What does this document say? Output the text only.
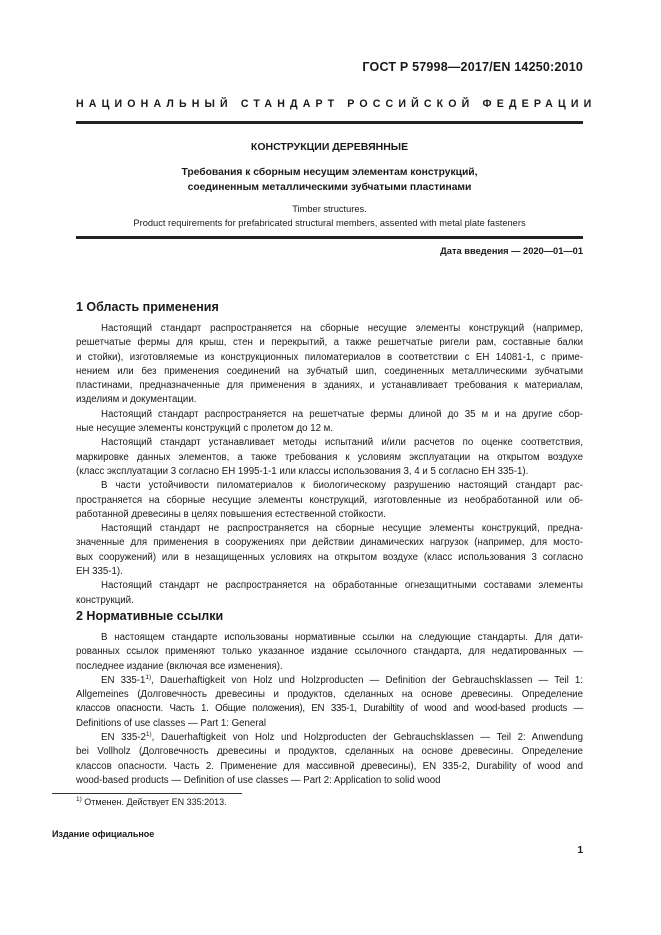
ГОСТ Р 57998—2017/EN 14250:2010
НАЦИОНАЛЬНЫЙ СТАНДАРТ РОССИЙСКОЙ ФЕДЕРАЦИИ
КОНСТРУКЦИИ ДЕРЕВЯННЫЕ
Требования к сборным несущим элементам конструкций,
соединенным металлическими зубчатыми пластинами
Timber structures.
Product requirements for prefabricated structural members, assented with metal plate fasteners
Дата введения — 2020—01—01
1 Область применения
Настоящий стандарт распространяется на сборные несущие элементы конструкций (например,
решетчатые фермы для крыш, стен и перекрытий, а также решетчатые ригели рам, составные балки
и стойки), изготовляемые из конструкционных пиломатериалов в соответствии с ЕН 14081-1, с приме-
нением или без применения соединений на зубчатый шип, соединенных металлическими зубчатыми
пластинами, предназначенные для применения в зданиях, и устанавливает требования к материалам,
изделиям и документации.
Настоящий стандарт распространяется на решетчатые фермы длиной до 35 м и на другие сбор-
ные несущие элементы конструкций с пролетом до 12 м.
Настоящий стандарт устанавливает методы испытаний и/или расчетов по оценке соответствия,
маркировке данных элементов, а также требования к условиям эксплуатации на открытом воздухе
(класс эксплуатации 3 согласно ЕН 1995-1-1 или классы использования 3, 4 и 5 согласно ЕН 335-1).
В части устойчивости пиломатериалов к биологическому разрушению настоящий стандарт рас-
пространяется на сборные несущие элементы конструкций, изготовленные из необработанной или об-
работанной древесины в целях повышения естественной стойкости.
Настоящий стандарт не распространяется на сборные несущие элементы конструкций, предна-
значенные для применения в сооружениях при действии динамических нагрузок (например, для мосто-
вых сооружений) или в незащищенных условиях на открытом воздухе (класс использования 3 согласно
ЕН 335-1).
Настоящий стандарт не распространяется на обработанные огнезащитными составами элементы
конструкций.
2 Нормативные ссылки
В настоящем стандарте использованы нормативные ссылки на следующие стандарты. Для дати-
рованных ссылок применяют только указанное издание ссылочного стандарта, для недатированных —
последнее издание (включая все изменения).
EN 335-1$^{1)}$, Dauerhaftigkeit von Holz und Holzproducten — Definition der Gebrauchsklassen — Teil 1:
Allgemeines (Долговечность древесины и продуктов, сделанных на основе древесины. Определение
классов опасности. Часть 1. Общие положения), EN 335-1, Durabiltity of wood and wood-based products —
Definitions of use classes — Part 1: General
EN 335-2$^{1)}$, Dauerhaftigkeit von Holz und Holzproducten der Gebrauchsklassen — Teil 2: Anwendung
bei Vollholz (Долговечность древесины и продуктов, сделанных на основе древесины. Определение
классов опасности. Часть 2. Применение для массивной древесины), EN 335-2, Durability of wood and
wood-based products — Definition of use classes — Part 2: Application to solid wood
$^{1)}$ Отменен. Действует EN 335:2013.
Издание официальное
1
